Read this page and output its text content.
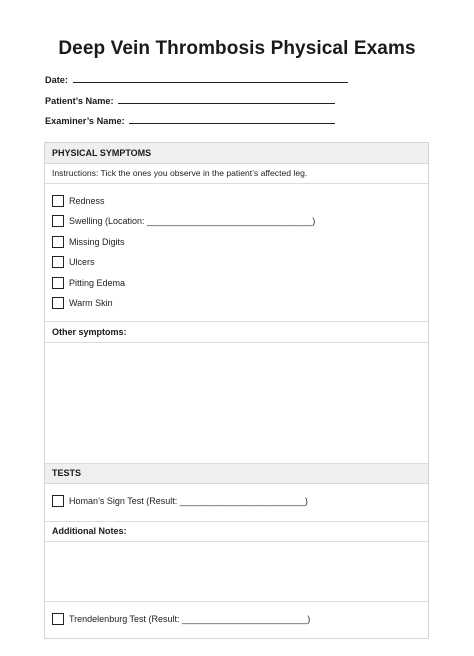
Deep Vein Thrombosis Physical Exams
Date:
Patient’s Name:
Examiner’s Name:
PHYSICAL SYMPTOMS
Instructions: Tick the ones you observe in the patient’s affected leg.
Redness
Swelling (Location: _________________________________)
Missing Digits
Ulcers
Pitting Edema
Warm Skin
Other symptoms:
TESTS
Homan’s Sign Test (Result: _________________________)
Additional Notes:
Trendelenburg Test (Result: _________________________)
